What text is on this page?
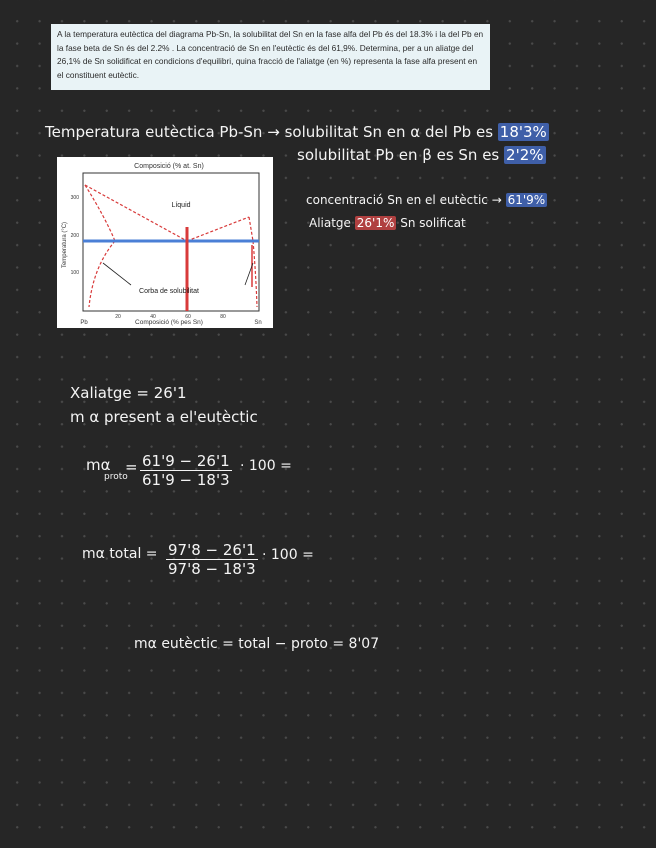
A la temperatura eutèctica del diagrama Pb-Sn, la solubilitat del Sn en la fase alfa del Pb és del 18.3% i la del Pb en la fase beta de Sn és del 2.2% . La concentració de Sn en l'eutèctic és del 61,9%. Determina, per a un aliatge del 26,1% de Sn solidificat en condicions d'equilibri, quina fracció de l'aliatge (en %) representa la fase alfa present en el constituent eutèctic.
Temperatura eutèctica Pb-Sn → solubilitat Sn en α del Pb es 18'3%
solubilitat Pb en β es Sn es 2'2%
concentració Sn en el eutèctic → 61'9%
Aliatge 26'1% Sn solificat
Composició (% at. Sn)
Temperatura (°C)
300
200
100
20	40	60	80
Pb	Sn
Composició (% pes Sn)
Líquid
Corba de solubilitat
Xaliatge = 26'1
m α present a el'eutèctic
mα
proto
= $\frac{61'9 - 26'1}{61'9 - 18'3} \cdot 100$ =
mα total = $\frac{97'8 - 26'1}{97'8 - 18'3} \cdot 100$ =
mα eutèctic = total − proto = 8'07
